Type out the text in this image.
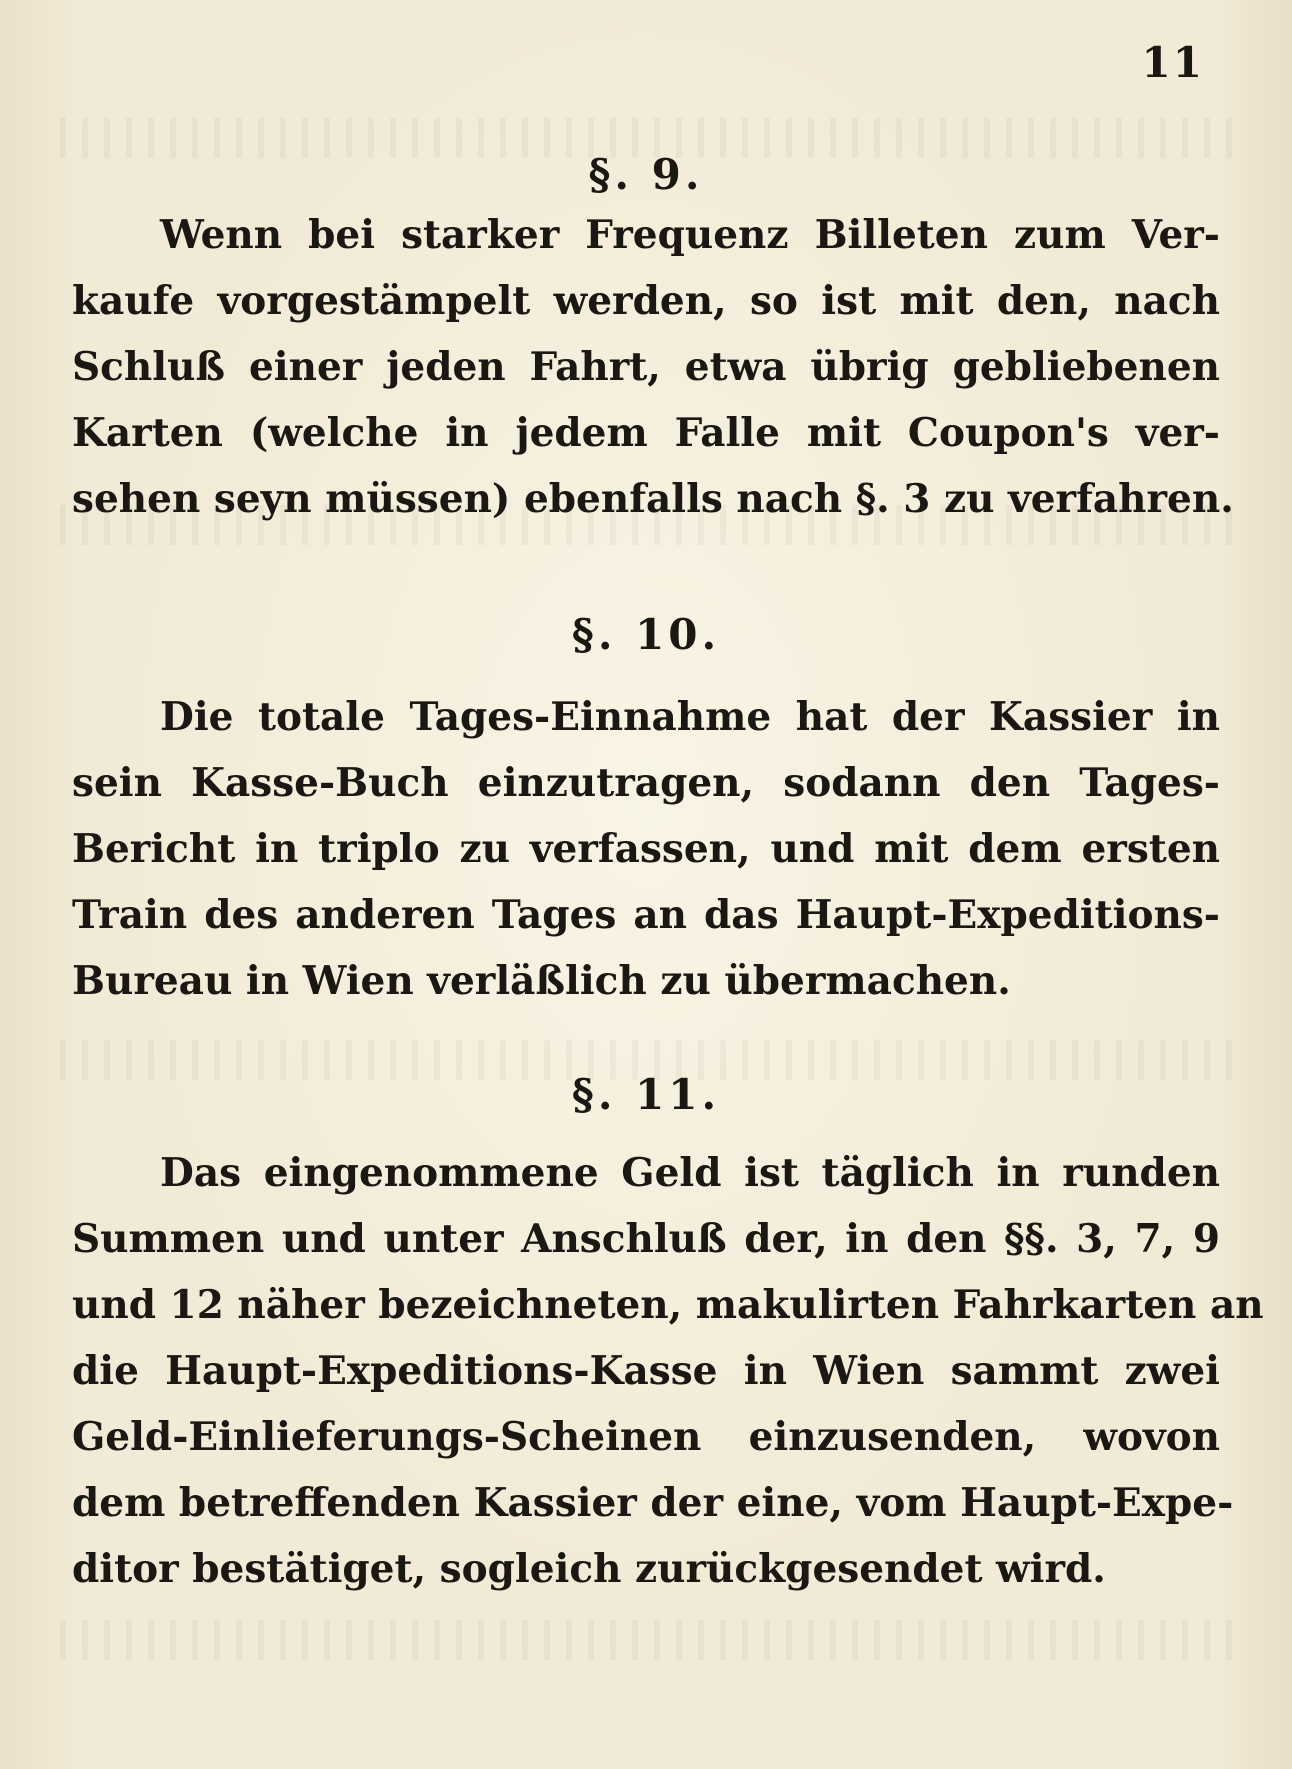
11
§. 9.
Wenn bei starker Frequenz Billeten zum Ver-
kaufe vorgestämpelt werden, so ist mit den, nach
Schluß einer jeden Fahrt, etwa übrig gebliebenen
Karten (welche in jedem Falle mit Coupon's ver-
sehen seyn müssen) ebenfalls nach §. 3 zu verfahren.
§. 10.
Die totale Tages-Einnahme hat der Kassier in
sein Kasse-Buch einzutragen, sodann den Tages-
Bericht in triplo zu verfassen, und mit dem ersten
Train des anderen Tages an das Haupt-Expeditions-
Bureau in Wien verläßlich zu übermachen.
§. 11.
Das eingenommene Geld ist täglich in runden
Summen und unter Anschluß der, in den §§. 3, 7, 9
und 12 näher bezeichneten, makulirten Fahrkarten an
die Haupt-Expeditions-Kasse in Wien sammt zwei
Geld-Einlieferungs-Scheinen einzusenden, wovon
dem betreffenden Kassier der eine, vom Haupt-Expe-
ditor bestätiget, sogleich zurückgesendet wird.
